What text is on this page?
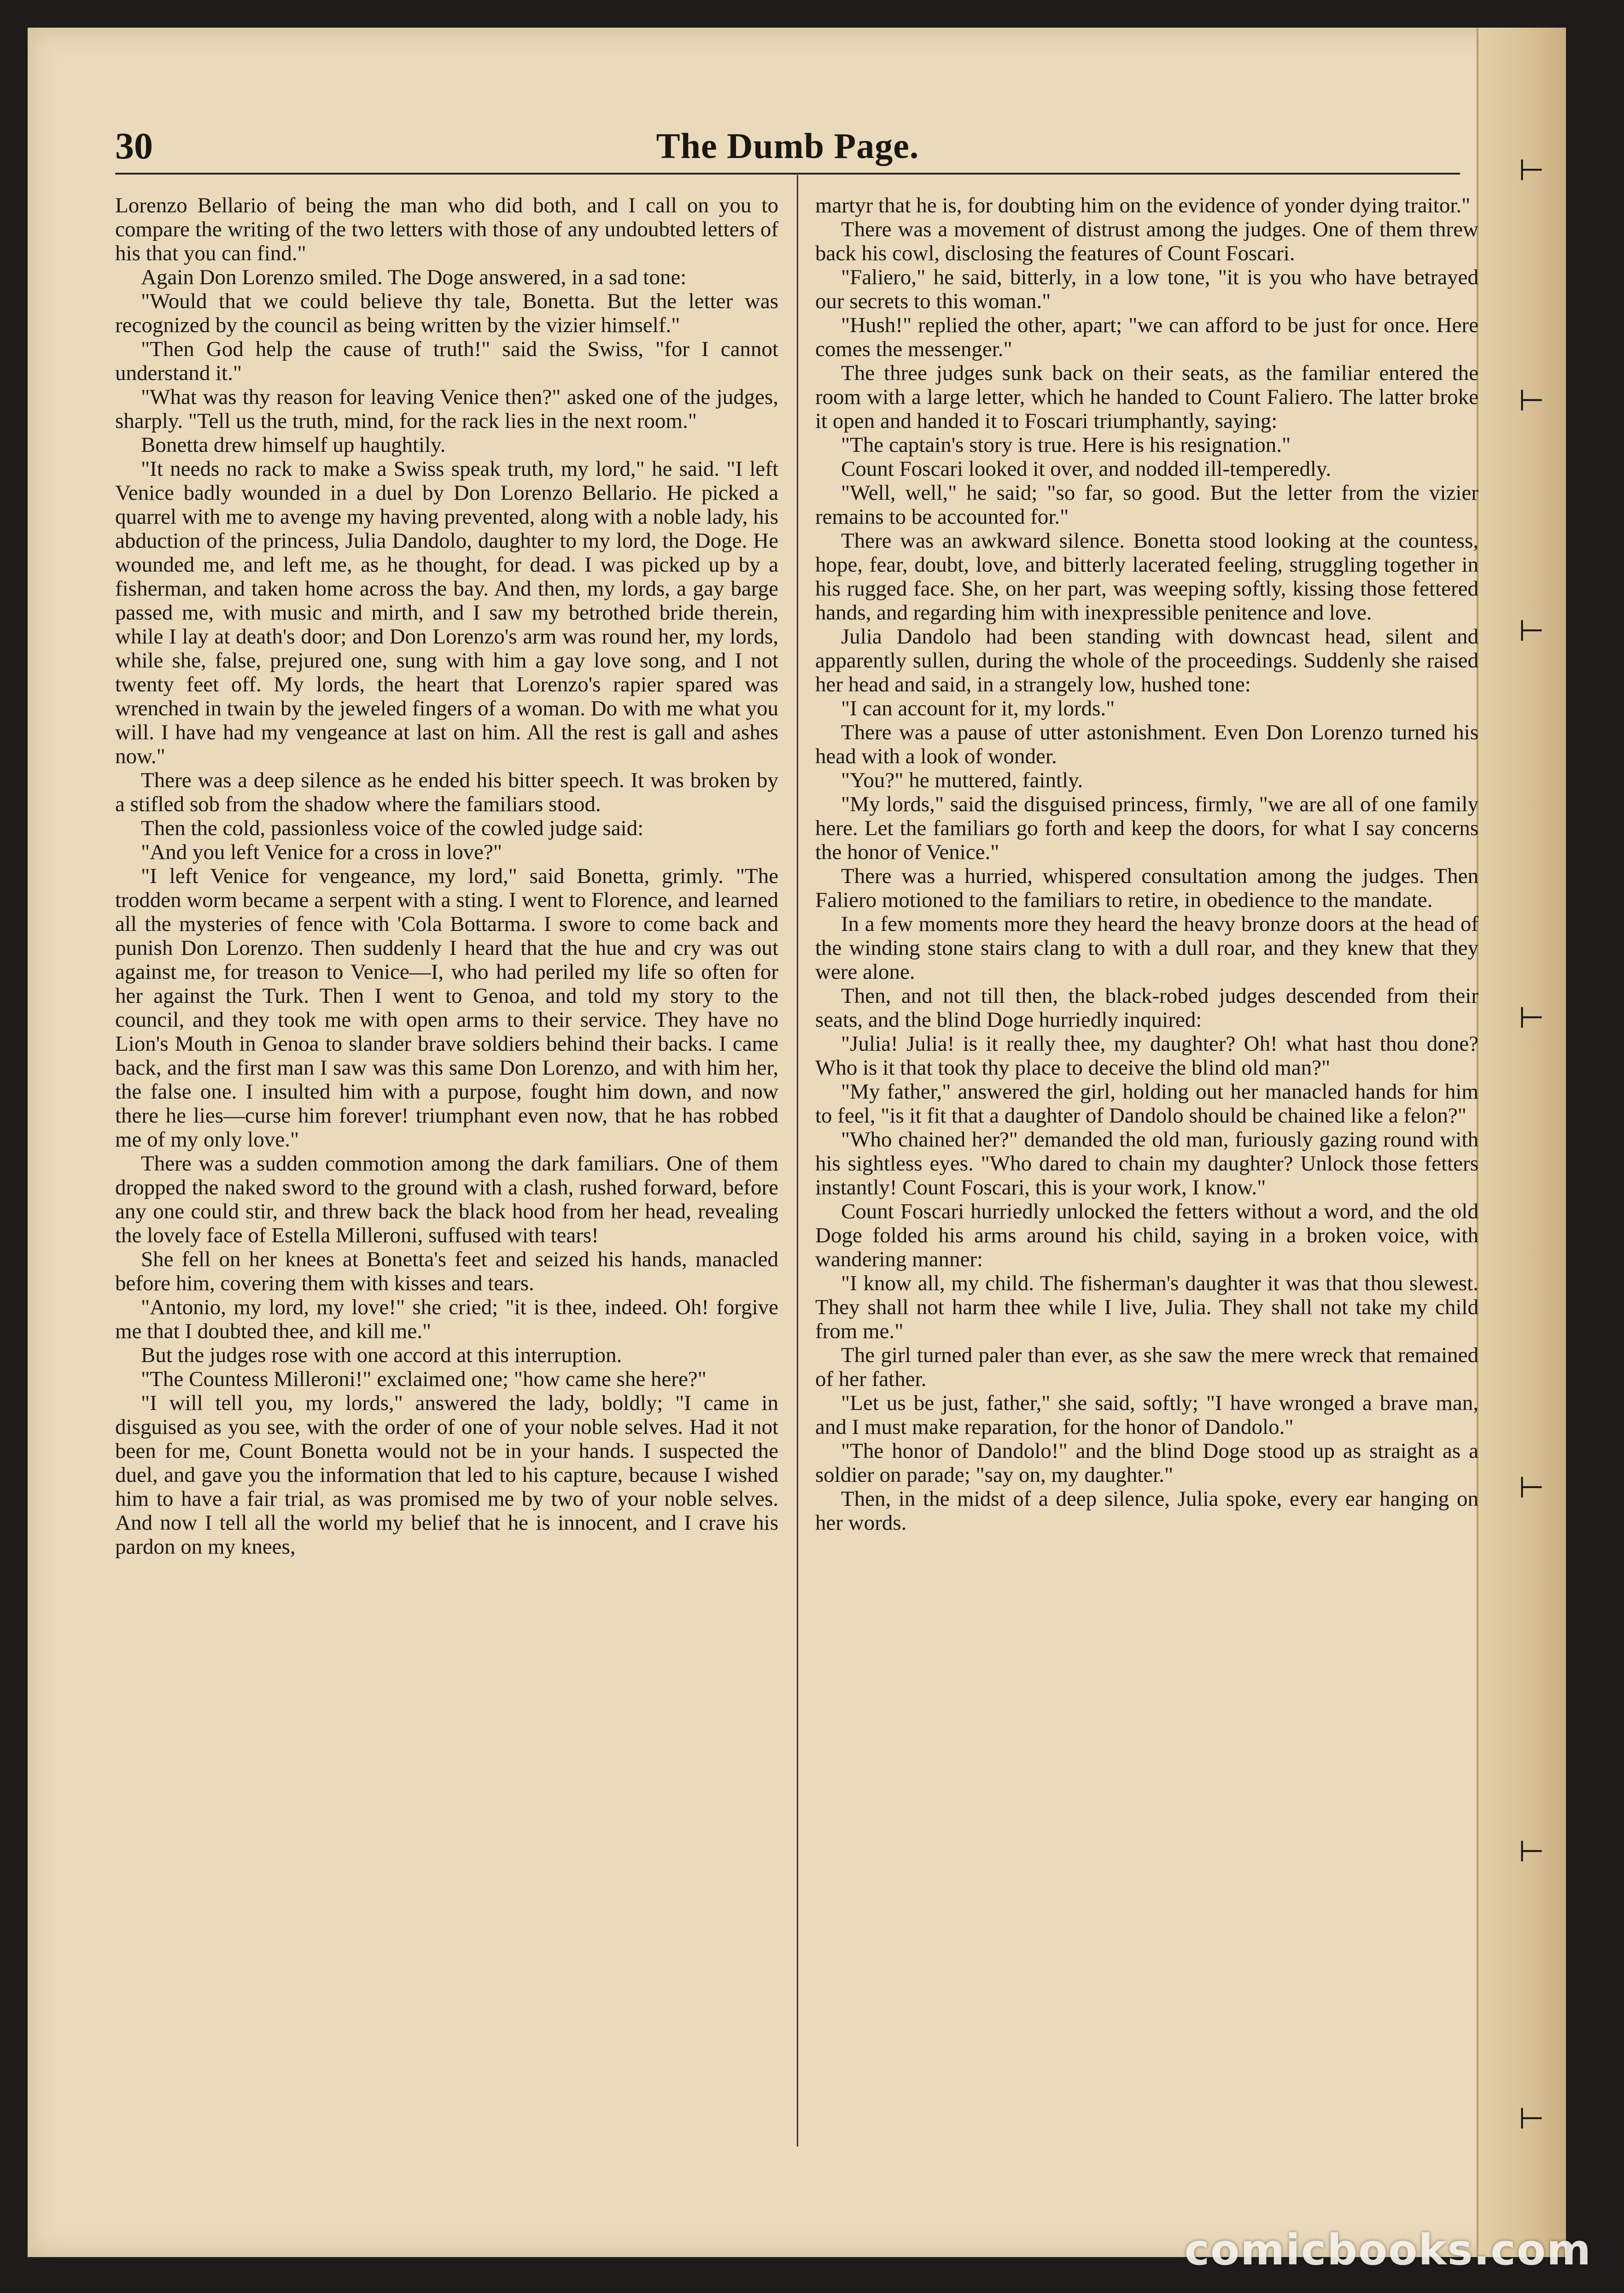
⊢
⊢
⊢
⊢
⊢
⊢
⊢
30	The Dumb Page.

Lorenzo Bellario of being the man who did both, and I call on you to compare the writing of the two letters with those of any undoubted letters of his that you can find."

Again Don Lorenzo smiled. The Doge answered, in a sad tone:

"Would that we could believe thy tale, Bonetta. But the letter was recognized by the council as being written by the vizier himself."

"Then God help the cause of truth!" said the Swiss, "for I cannot understand it."

"What was thy reason for leaving Venice then?" asked one of the judges, sharply. "Tell us the truth, mind, for the rack lies in the next room."

Bonetta drew himself up haughtily.

"It needs no rack to make a Swiss speak truth, my lord," he said. "I left Venice badly wounded in a duel by Don Lorenzo Bellario. He picked a quarrel with me to avenge my having prevented, along with a noble lady, his abduction of the princess, Julia Dandolo, daughter to my lord, the Doge. He wounded me, and left me, as he thought, for dead. I was picked up by a fisherman, and taken home across the bay. And then, my lords, a gay barge passed me, with music and mirth, and I saw my betrothed bride therein, while I lay at death's door; and Don Lorenzo's arm was round her, my lords, while she, false, prejured one, sung with him a gay love song, and I not twenty feet off. My lords, the heart that Lorenzo's rapier spared was wrenched in twain by the jeweled fingers of a woman. Do with me what you will. I have had my vengeance at last on him. All the rest is gall and ashes now."

There was a deep silence as he ended his bitter speech. It was broken by a stifled sob from the shadow where the familiars stood.

Then the cold, passionless voice of the cowled judge said:

"And you left Venice for a cross in love?"

"I left Venice for vengeance, my lord," said Bonetta, grimly. "The trodden worm became a serpent with a sting. I went to Florence, and learned all the mysteries of fence with 'Cola Bottarma. I swore to come back and punish Don Lorenzo. Then suddenly I heard that the hue and cry was out against me, for treason to Venice—I, who had periled my life so often for her against the Turk. Then I went to Genoa, and told my story to the council, and they took me with open arms to their service. They have no Lion's Mouth in Genoa to slander brave soldiers behind their backs. I came back, and the first man I saw was this same Don Lorenzo, and with him her, the false one. I insulted him with a purpose, fought him down, and now there he lies—curse him forever! triumphant even now, that he has robbed me of my only love."

There was a sudden commotion among the dark familiars. One of them dropped the naked sword to the ground with a clash, rushed forward, before any one could stir, and threw back the black hood from her head, revealing the lovely face of Estella Milleroni, suffused with tears!

She fell on her knees at Bonetta's feet and seized his hands, manacled before him, covering them with kisses and tears.

"Antonio, my lord, my love!" she cried; "it is thee, indeed. Oh! forgive me that I doubted thee, and kill me."

But the judges rose with one accord at this interruption.

"The Countess Milleroni!" exclaimed one; "how came she here?"

"I will tell you, my lords," answered the lady, boldly; "I came in disguised as you see, with the order of one of your noble selves. Had it not been for me, Count Bonetta would not be in your hands. I suspected the duel, and gave you the information that led to his capture, because I wished him to have a fair trial, as was promised me by two of your noble selves. And now I tell all the world my belief that he is innocent, and I crave his pardon on my knees,

martyr that he is, for doubting him on the evidence of yonder dying traitor."

There was a movement of distrust among the judges. One of them threw back his cowl, disclosing the features of Count Foscari.

"Faliero," he said, bitterly, in a low tone, "it is you who have betrayed our secrets to this woman."

"Hush!" replied the other, apart; "we can afford to be just for once. Here comes the messenger."

The three judges sunk back on their seats, as the familiar entered the room with a large letter, which he handed to Count Faliero. The latter broke it open and handed it to Foscari triumphantly, saying:

"The captain's story is true. Here is his resignation."

Count Foscari looked it over, and nodded ill-temperedly.

"Well, well," he said; "so far, so good. But the letter from the vizier remains to be accounted for."

There was an awkward silence. Bonetta stood looking at the countess, hope, fear, doubt, love, and bitterly lacerated feeling, struggling together in his rugged face. She, on her part, was weeping softly, kissing those fettered hands, and regarding him with inexpressible penitence and love.

Julia Dandolo had been standing with downcast head, silent and apparently sullen, during the whole of the proceedings. Suddenly she raised her head and said, in a strangely low, hushed tone:

"I can account for it, my lords."

There was a pause of utter astonishment. Even Don Lorenzo turned his head with a look of wonder.

"You?" he muttered, faintly.

"My lords," said the disguised princess, firmly, "we are all of one family here. Let the familiars go forth and keep the doors, for what I say concerns the honor of Venice."

There was a hurried, whispered consultation among the judges. Then Faliero motioned to the familiars to retire, in obedience to the mandate.

In a few moments more they heard the heavy bronze doors at the head of the winding stone stairs clang to with a dull roar, and they knew that they were alone.

Then, and not till then, the black-robed judges descended from their seats, and the blind Doge hurriedly inquired:

"Julia! Julia! is it really thee, my daughter? Oh! what hast thou done? Who is it that took thy place to deceive the blind old man?"

"My father," answered the girl, holding out her manacled hands for him to feel, "is it fit that a daughter of Dandolo should be chained like a felon?"

"Who chained her?" demanded the old man, furiously gazing round with his sightless eyes. "Who dared to chain my daughter? Unlock those fetters instantly! Count Foscari, this is your work, I know."

Count Foscari hurriedly unlocked the fetters without a word, and the old Doge folded his arms around his child, saying in a broken voice, with wandering manner:

"I know all, my child. The fisherman's daughter it was that thou slewest. They shall not harm thee while I live, Julia. They shall not take my child from me."

The girl turned paler than ever, as she saw the mere wreck that remained of her father.

"Let us be just, father," she said, softly; "I have wronged a brave man, and I must make reparation, for the honor of Dandolo."

"The honor of Dandolo!" and the blind Doge stood up as straight as a soldier on parade; "say on, my daughter."

Then, in the midst of a deep silence, Julia spoke, every ear hanging on her words.

comicbooks.com
